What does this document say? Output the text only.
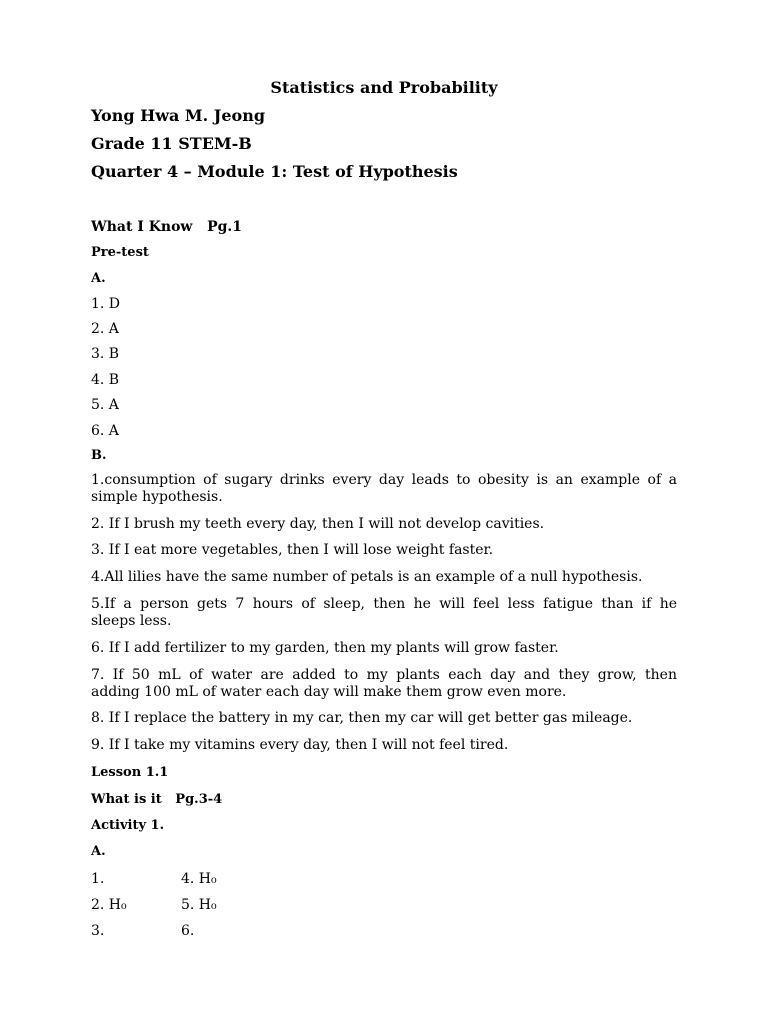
Statistics and Probability
Yong Hwa M. Jeong
Grade 11 STEM-B
Quarter 4 – Module 1: Test of Hypothesis
What I Know   Pg.1
Pre-test
A.
1. D
2. A
3. B
4. B
5. A
6. A
B.
1.consumption of sugary drinks every day leads to obesity is an example of a
simple hypothesis.
2. If I brush my teeth every day, then I will not develop cavities.
3. If I eat more vegetables, then I will lose weight faster.
4.All lilies have the same number of petals is an example of a null hypothesis.
5.If a person gets 7 hours of sleep, then he will feel less fatigue than if he
sleeps less.
6. If I add fertilizer to my garden, then my plants will grow faster.
7. If 50 mL of water are added to my plants each day and they grow, then
adding 100 mL of water each day will make them grow even more.
8. If I replace the battery in my car, then my car will get better gas mileage.
9. If I take my vitamins every day, then I will not feel tired.
Lesson 1.1
What is it   Pg.3-4
Activity 1.
A.
1.	4. H₀
2. H₀	5. H₀
3.	6.
